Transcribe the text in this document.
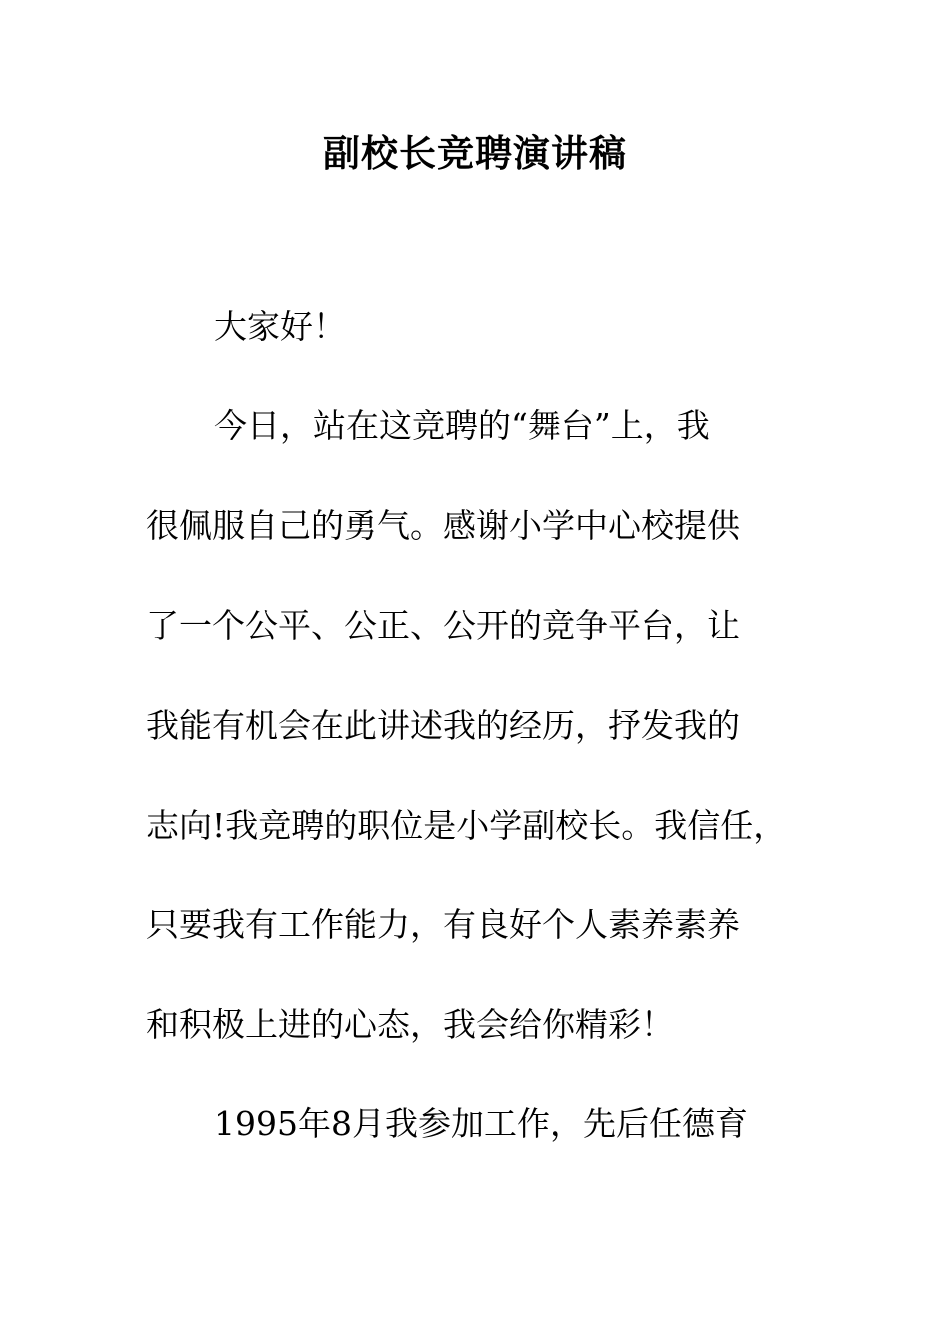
副校长竞聘演讲稿
大家好！
今日，站在这竞聘的“舞台”上，我
很佩服自己的勇气。感谢小学中心校提供
了一个公平、公正、公开的竞争平台，让
我能有机会在此讲述我的经历，抒发我的
志向!我竞聘的职位是小学副校长。我信任，
只要我有工作能力，有良好个人素养素养
和积极上进的心态，我会给你精彩！
1995年8月我参加工作，先后任德育
